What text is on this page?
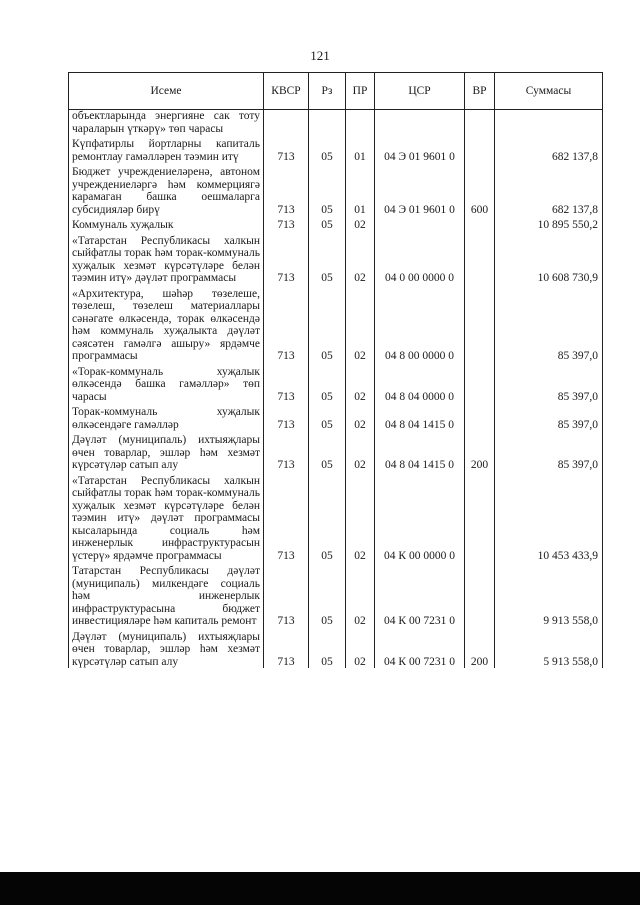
121
Исеме	КВСР	Рз	ПР	ЦСР	ВР	Суммасы
объектларында энергияне сак тоту чараларын үткәрү» төп чарасы						
Күпфатирлы йортларны капиталь ремонтлау гамәлләрен тәэмин итү	713	05	01	04 Э 01 9601 0		682 137,8
Бюджет учреждениеләренә, автоном учреждениеләргә һәм коммерциягә карамаган башка оешмаларга субсидияләр бирү	713	05	01	04 Э 01 9601 0	600	682 137,8
Коммуналь хуҗалык	713	05	02			10 895 550,2
«Татарстан Республикасы халкын сыйфатлы торак һәм торак-коммуналь хуҗалык хезмәт күрсәтүләре белән тәэмин итү» дәүләт программасы	713	05	02	04 0 00 0000 0		10 608 730,9
«Архитектура, шәһәр төзелеше, төзелеш, төзелеш материаллары сәнәгате өлкәсендә, торак өлкәсендә һәм коммуналь хуҗалыкта дәүләт сәясәтен гамәлгә ашыру» ярдәмче программасы	713	05	02	04 8 00 0000 0		85 397,0
«Торак-коммуналь хуҗалык өлкәсендә башка гамәлләр» төп чарасы	713	05	02	04 8 04 0000 0		85 397,0
Торак-коммуналь хуҗалык өлкәсендәге гамәлләр	713	05	02	04 8 04 1415 0		85 397,0
Дәүләт (муниципаль) ихтыяҗлары өчен товарлар, эшләр һәм хезмәт күрсәтүләр сатып алу	713	05	02	04 8 04 1415 0	200	85 397,0
«Татарстан Республикасы халкын сыйфатлы торак һәм торак-коммуналь хуҗалык хезмәт күрсәтүләре белән тәэмин итү» дәүләт программасы кысаларында социаль һәм инженерлык инфраструктурасын үстерү» ярдәмче программасы	713	05	02	04 К 00 0000 0		10 453 433,9
Татарстан Республикасы дәүләт (муниципаль) милкендәге социаль һәм инженерлык инфраструктурасына бюджет инвестицияләре һәм капиталь ремонт	713	05	02	04 К 00 7231 0		9 913 558,0
Дәүләт (муниципаль) ихтыяҗлары өчен товарлар, эшләр һәм хезмәт күрсәтүләр сатып алу	713	05	02	04 К 00 7231 0	200	5 913 558,0
